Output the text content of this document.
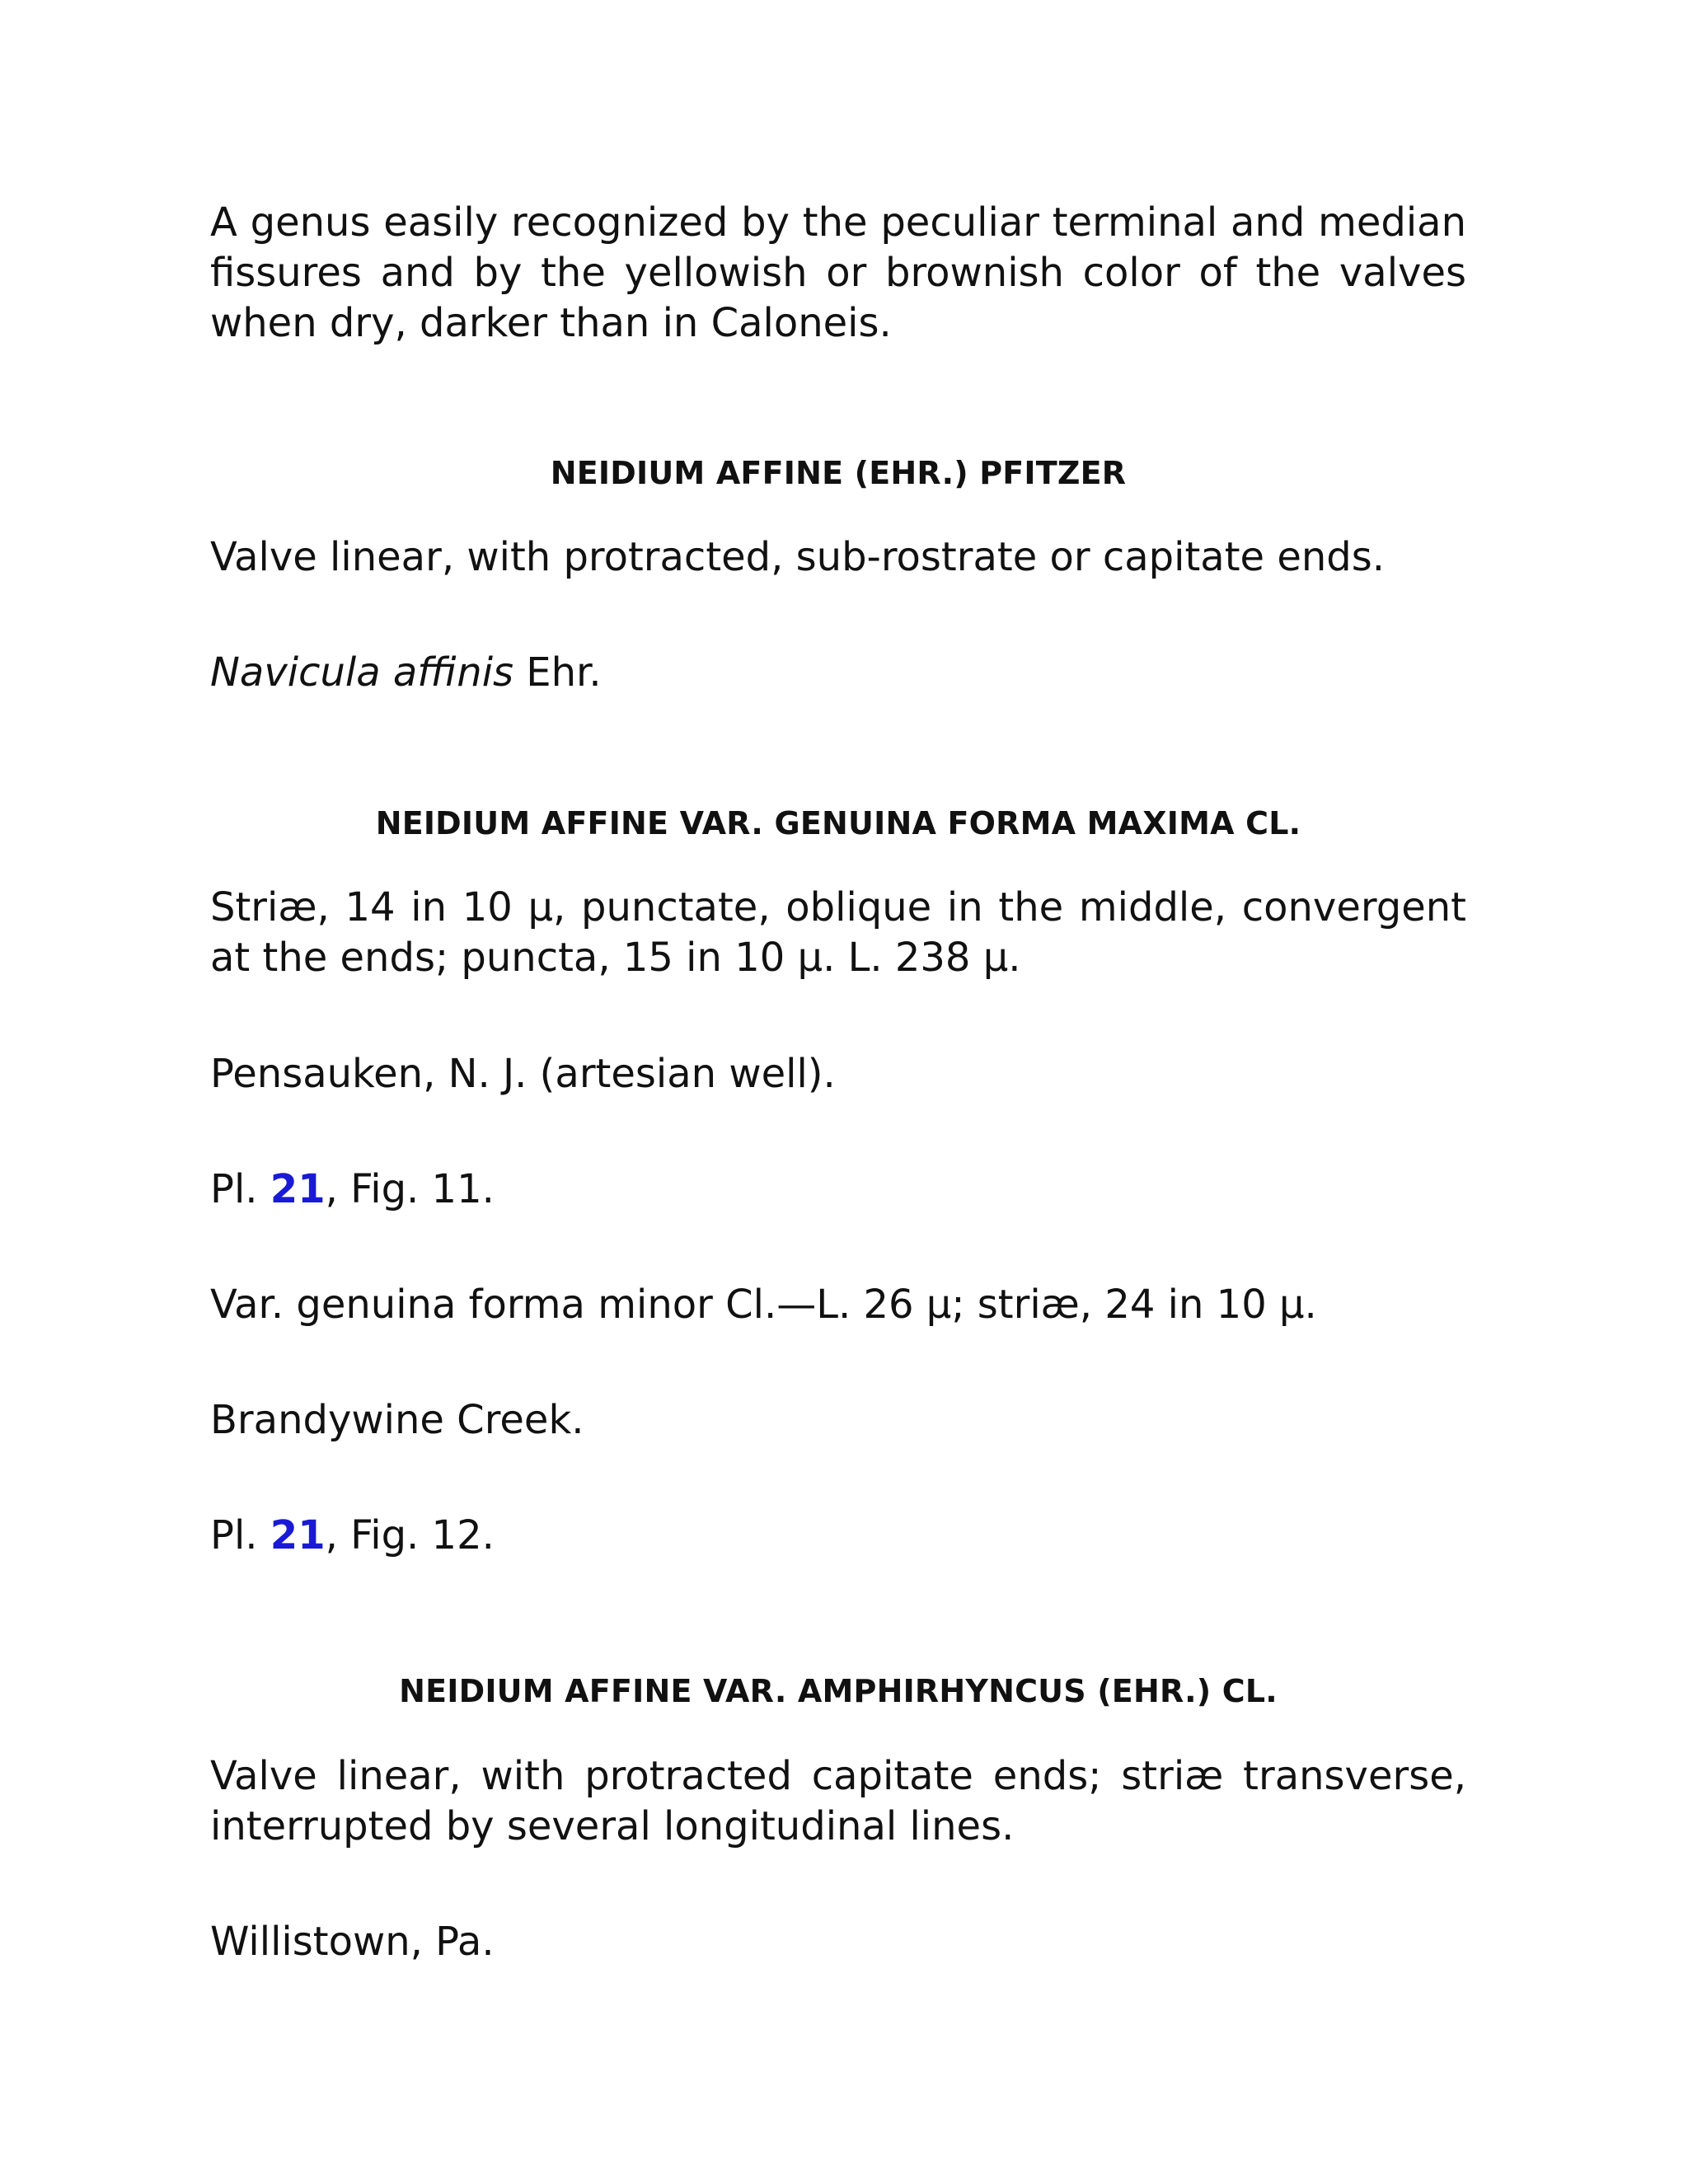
A genus easily recognized by the peculiar terminal and median fissures and by the yellowish or brownish color of the valves when dry, darker than in Caloneis.

NEIDIUM AFFINE (EHR.) PFITZER

Valve linear, with protracted, sub-rostrate or capitate ends.

Navicula affinis Ehr.

NEIDIUM AFFINE VAR. GENUINA FORMA MAXIMA CL.

Striæ, 14 in 10 μ, punctate, oblique in the middle, convergent at the ends; puncta, 15 in 10 μ. L. 238 μ.

Pensauken, N. J. (artesian well).

Pl. 21, Fig. 11.

Var. genuina forma minor Cl.—L. 26 μ; striæ, 24 in 10 μ.

Brandywine Creek.

Pl. 21, Fig. 12.

NEIDIUM AFFINE VAR. AMPHIRHYNCUS (EHR.) CL.

Valve linear, with protracted capitate ends; striæ transverse, interrupted by several longitudinal lines.

Willistown, Pa.
